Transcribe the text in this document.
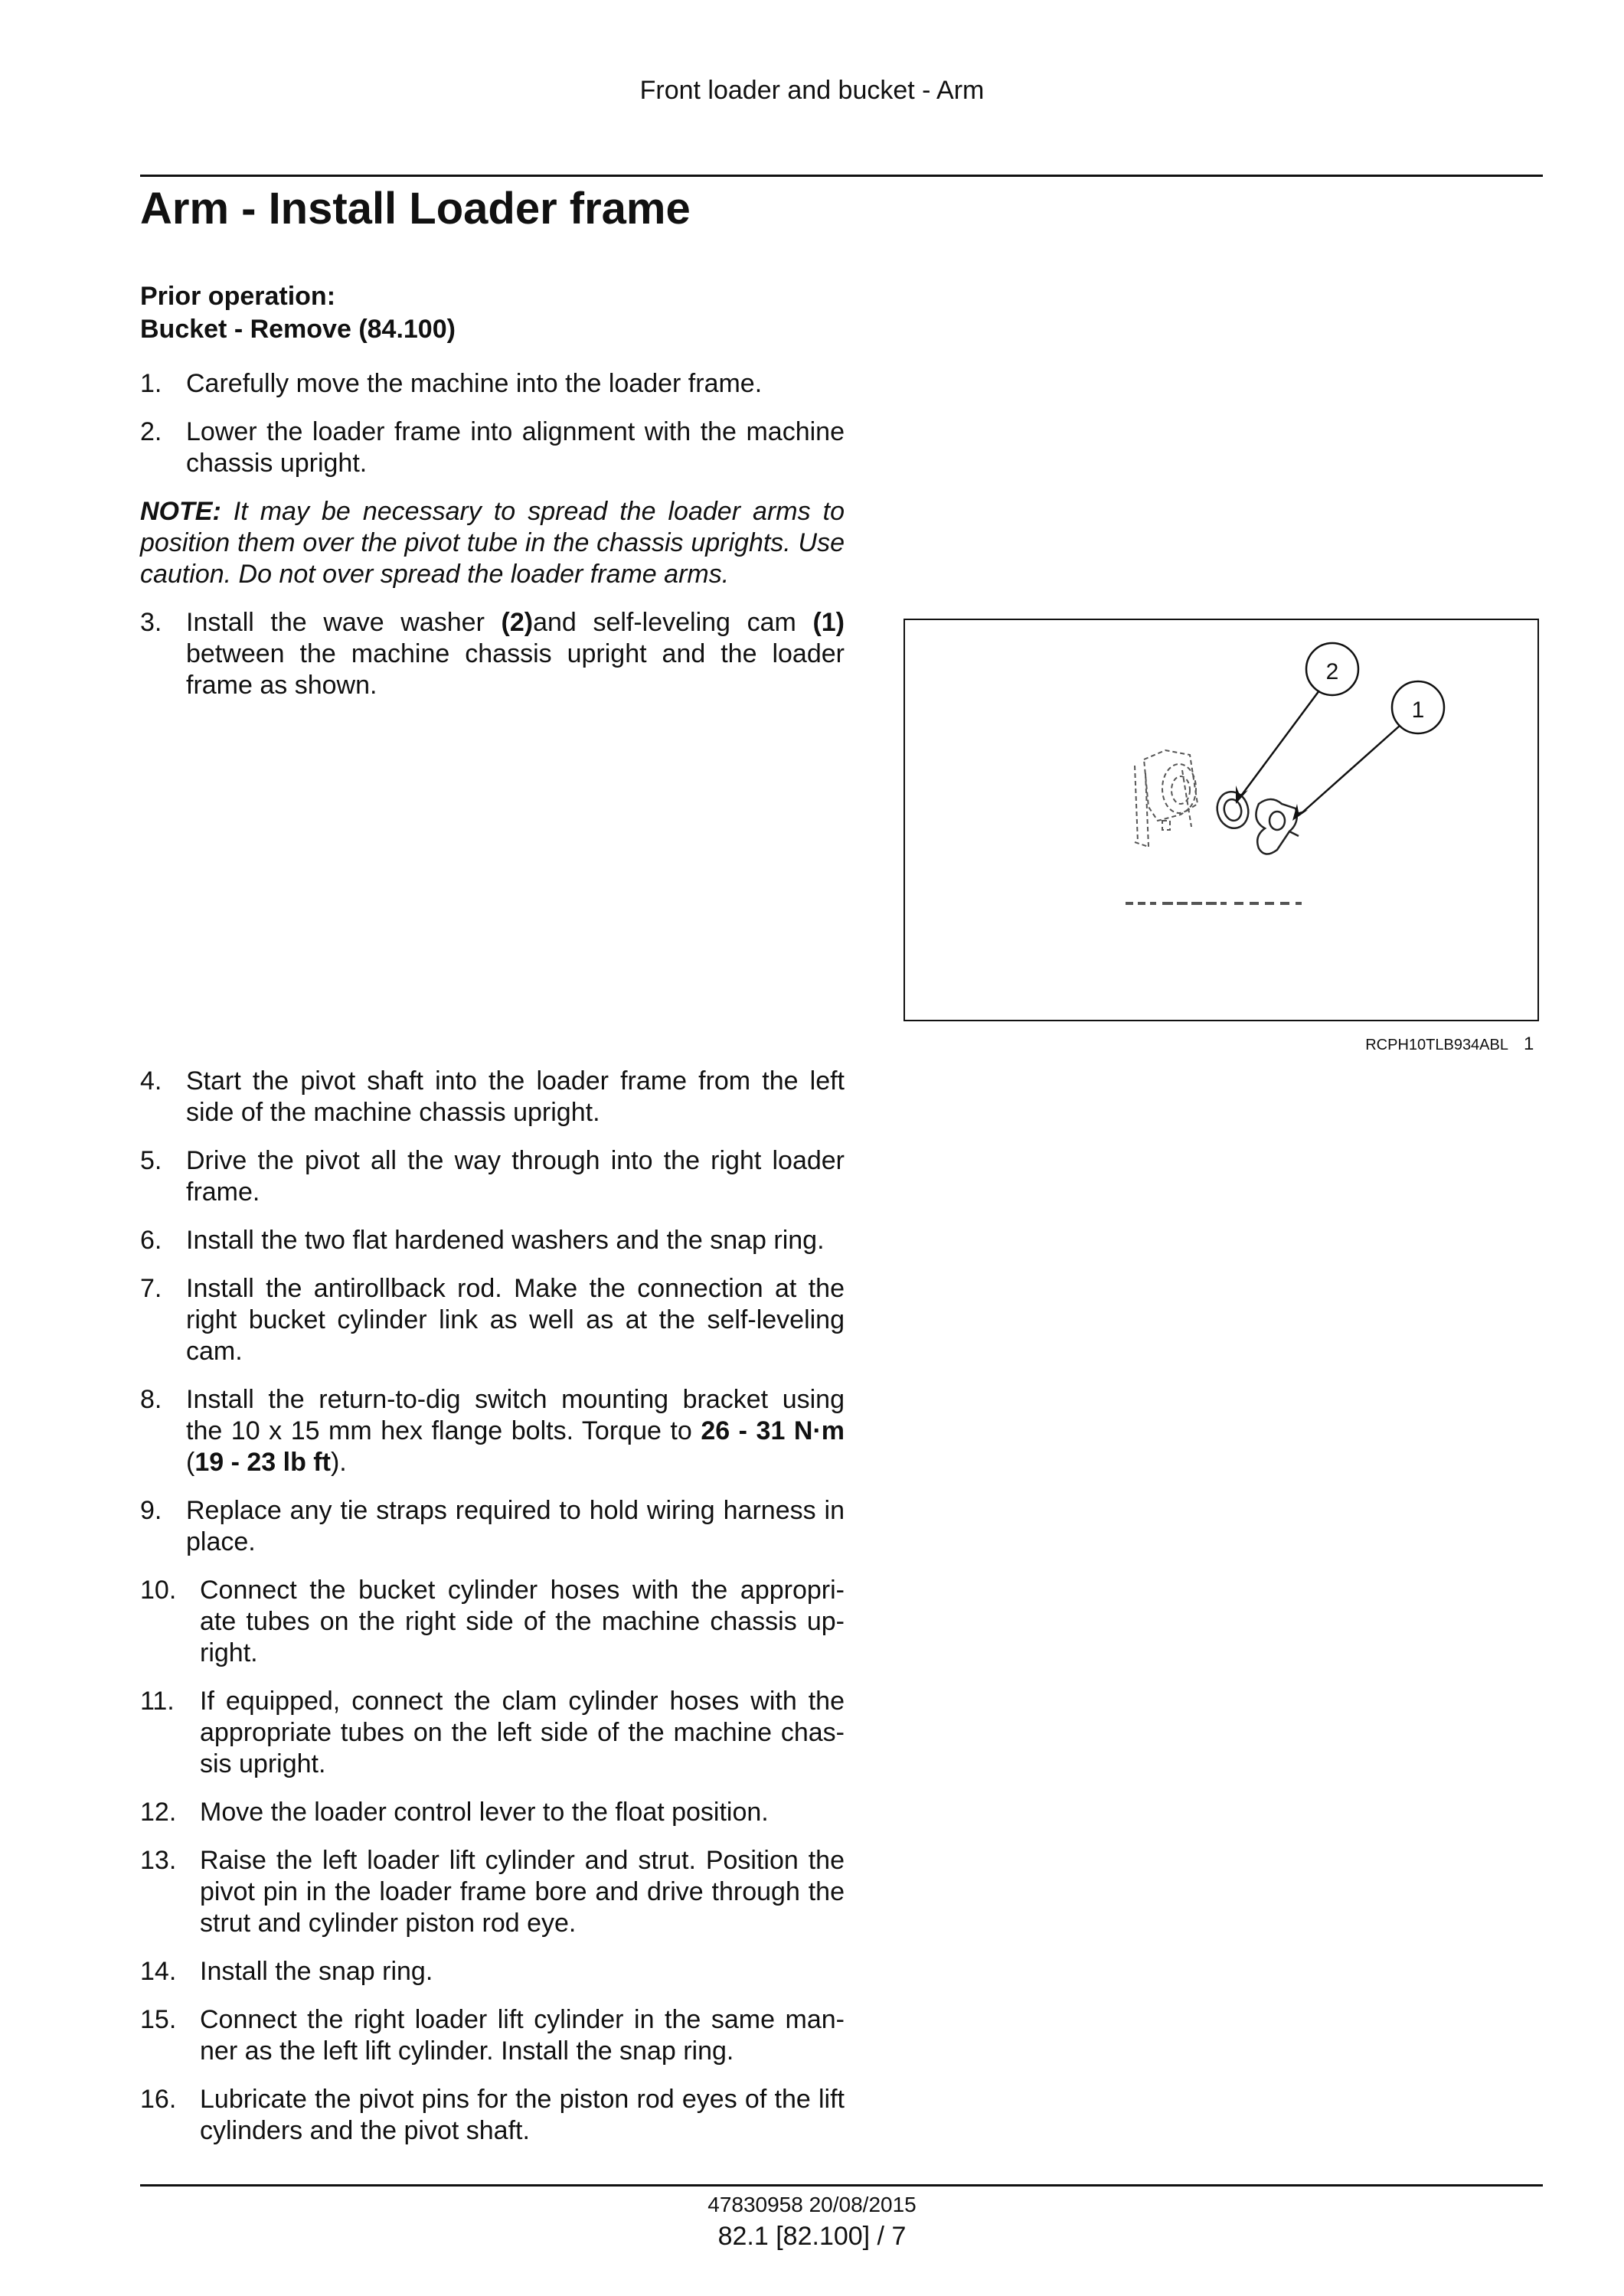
Front loader and bucket - Arm
Arm - Install Loader frame
Prior operation:
Bucket - Remove (84.100)
1. Carefully move the machine into the loader frame.
2. Lower the loader frame into alignment with the machine chassis upright.
NOTE: It may be necessary to spread the loader arms to position them over the pivot tube in the chassis uprights. Use caution. Do not over spread the loader frame arms.
3. Install the wave washer (2)and self-leveling cam (1) between the machine chassis upright and the loader frame as shown.	2
1
RCPH10TLB934ABL 1
4. Start the pivot shaft into the loader frame from the left side of the machine chassis upright.
5. Drive the pivot all the way through into the right loader frame.
6. Install the two flat hardened washers and the snap ring.
7. Install the antirollback rod. Make the connection at the right bucket cylinder link as well as at the self-leveling cam.
8. Install the return-to-dig switch mounting bracket using the 10 x 15 mm hex flange bolts. Torque to 26 - 31 N·m (19 - 23 lb ft).
9. Replace any tie straps required to hold wiring harness in place.
10. Connect the bucket cylinder hoses with the appropri- ate tubes on the right side of the machine chassis up- right.
11. If equipped, connect the clam cylinder hoses with the appropriate tubes on the left side of the machine chas- sis upright.
12. Move the loader control lever to the float position.
13. Raise the left loader lift cylinder and strut. Position the pivot pin in the loader frame bore and drive through the strut and cylinder piston rod eye.
14. Install the snap ring.
15. Connect the right loader lift cylinder in the same man- ner as the left lift cylinder. Install the snap ring.
16. Lubricate the pivot pins for the piston rod eyes of the lift cylinders and the pivot shaft.
47830958 20/08/2015
82.1 [82.100] / 7
